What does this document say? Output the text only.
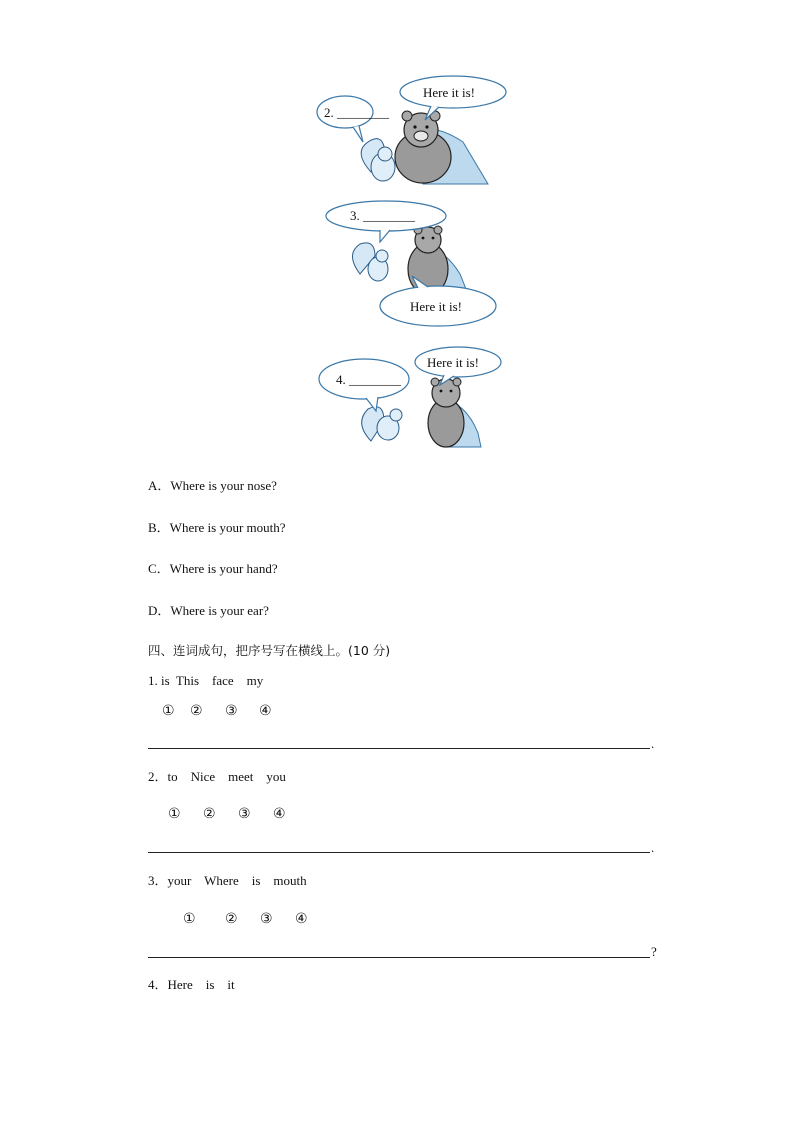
2. ________
Here it is!
3. ________
Here it is!
4. ________
Here it is!
A．Where is your nose?
B．Where is your mouth?
C．Where is your hand?
D．Where is your ear?
四、连词成句，把序号写在横线上。(10 分)
1. is  This    face    my
① ② ③ ④
.
2．to    Nice    meet    you
① ② ③ ④
.
3．your    Where    is    mouth
① ② ③ ④
?
4．Here    is    it
